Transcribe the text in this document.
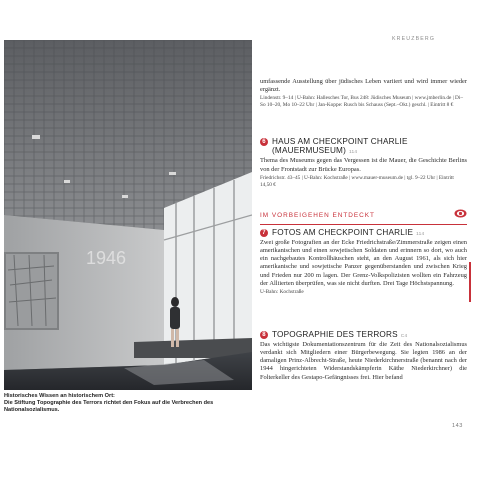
1946
Historisches Wissen an historischem Ort:
Die Stiftung Topographie des Terrors richtet den Fokus auf die Verbrechen des Nationalsozialismus.
KREUZBERG

umfassende Ausstellung über jüdisches Leben variiert und wird immer wieder ergänzt.

Lindenstr. 9–14 | U-Bahn: Hallesches Tor, Bus 248: Jüdisches Museum | www.jmberlin.de | Di–So 10–20, Mo 10–22 Uhr | Jan-Koppe: Rusch bis Schauss (Sept.–Okt.) geschl. | Eintritt 8 €

6 HAUS AM CHECKPOINT CHARLIE (MAUERMUSEUM) 114

Thema des Museums gegen das Vergessen ist die Mauer, die Geschichte Berlins von der Frontstadt zur Brücke Europas.

Friedrichstr. 43–45 | U-Bahn: Kochstraße | www.mauer-museum.de | tgl. 9–22 Uhr | Eintritt 14,50 €

IM VORBEIGEHEN ENTDECKT
7 FOTOS AM CHECKPOINT CHARLIE 114

Zwei große Fotografien an der Ecke Friedrichstraße/Zimmerstraße zeigen einen amerikanischen und einen sowjetischen Soldaten und erinnern so dort, wo auch ein nachgebautes Kontrollhäuschen steht, an den August 1961, als sich hier amerikanische und sowjetische Panzer gegenüberstanden und zwischen Krieg und Frieden nur 200 m lagen. Der Grenz-Volkspolizisten wollten ein Fahrzeug der Alliierten überprüfen, was sie nicht durften. Drei Tage Höchstspannung.

U-Bahn: Kochstraße

8 TOPOGRAPHIE DES TERRORS C4

Das wichtigste Dokumentationszentrum für die Zeit des Nationalsozialismus verdankt sich Mitgliedern einer Bürgerbewegung. Sie legten 1986 an der damaligen Prinz-Albrecht-Straße, heute Niederkirchnerstraße (benannt nach der 1944 hingerichteten Widerstandskämpferin Käthe Niederkirchner) die Folterkeller des Gestapo-Gefängnisses frei. Hier befand

143
